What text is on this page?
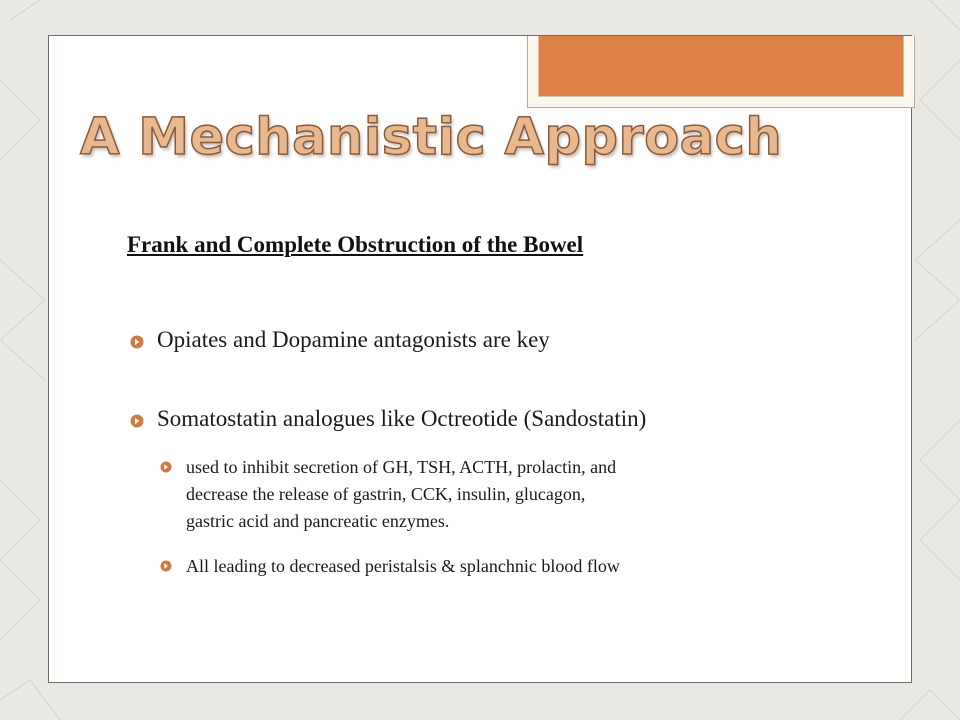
A Mechanistic Approach
Frank and Complete Obstruction of the Bowel
Opiates and Dopamine antagonists are key
Somatostatin analogues like Octreotide (Sandostatin)
used to inhibit secretion of GH, TSH, ACTH, prolactin, and
decrease the release of gastrin, CCK, insulin, glucagon,
gastric acid and pancreatic enzymes.
All leading to decreased peristalsis & splanchnic blood flow
